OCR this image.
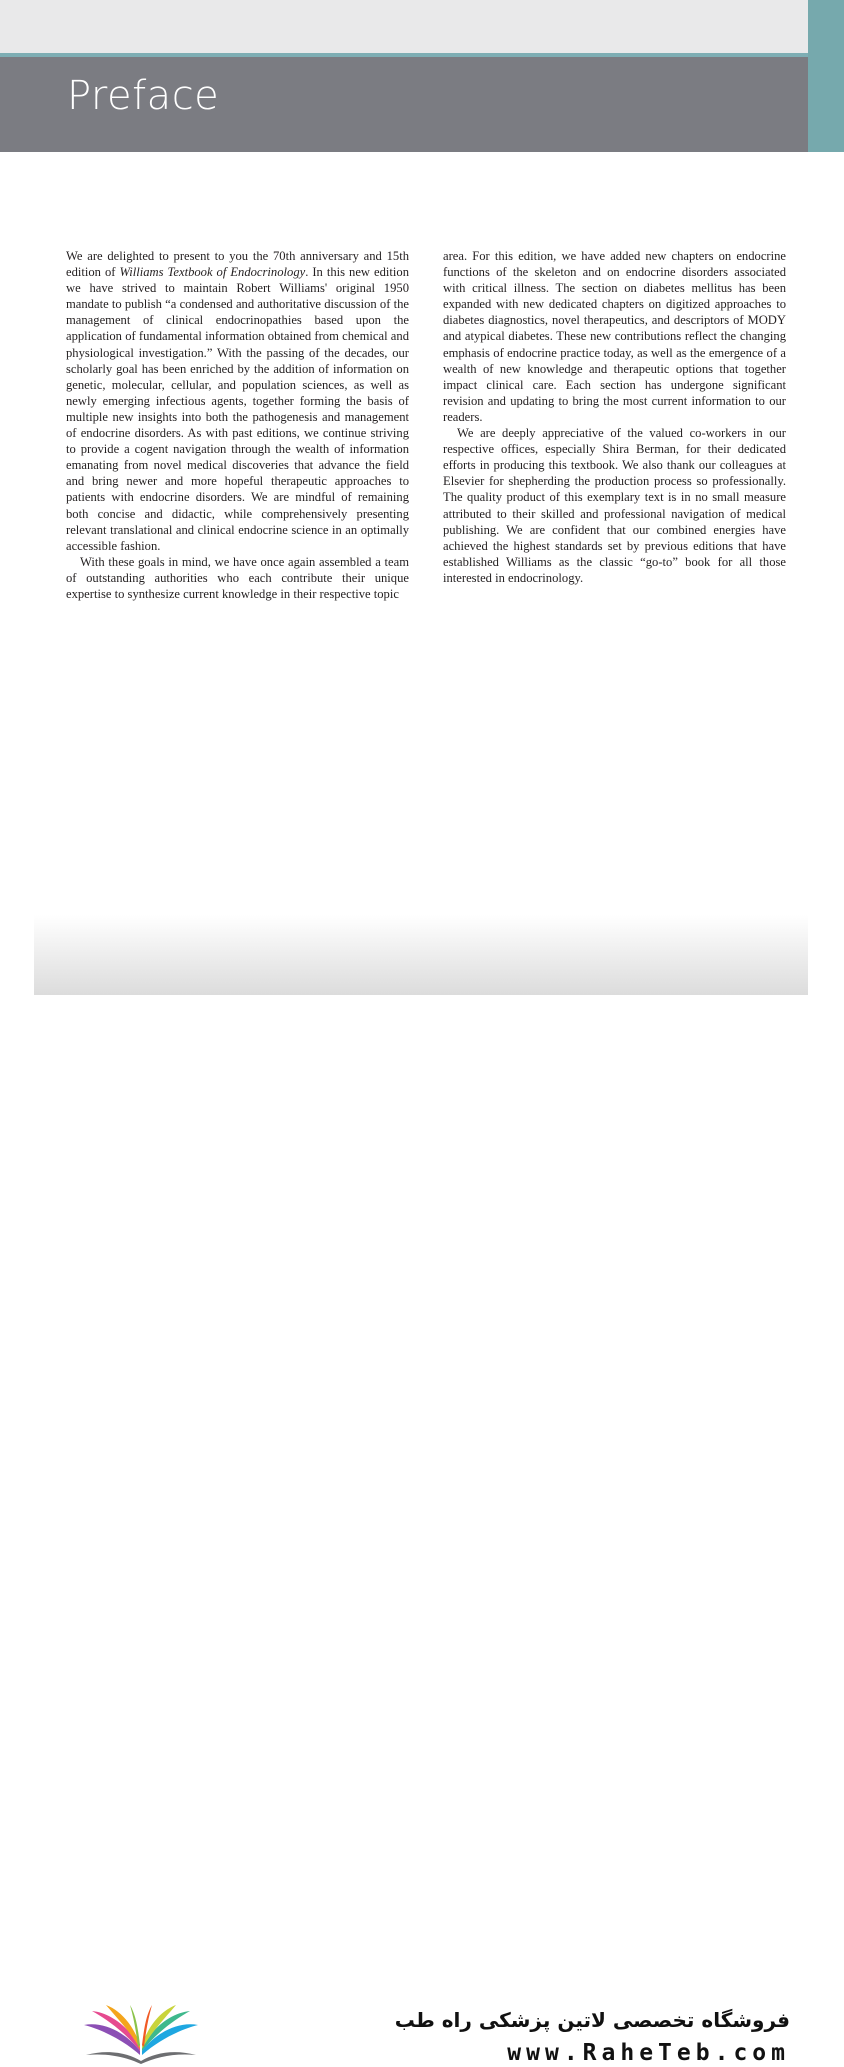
Preface

We are delighted to present to you the 70th anniversary and 15th edition of Williams Textbook of Endocrinology. In this new edition we have strived to maintain Robert Williams' original 1950 mandate to publish “a condensed and authoritative discussion of the management of clinical endocrinopathies based upon the application of fundamental information obtained from chemical and physiological investigation.” With the passing of the decades, our scholarly goal has been enriched by the addition of information on genetic, molecular, cellular, and population sciences, as well as newly emerging infectious agents, together forming the basis of multiple new insights into both the pathogenesis and management of endocrine disorders. As with past editions, we continue striving to provide a cogent navigation through the wealth of information emanating from novel medical discoveries that advance the field and bring newer and more hopeful therapeutic approaches to patients with endocrine disorders. We are mindful of remaining both concise and didactic, while comprehensively presenting relevant translational and clinical endocrine science in an optimally accessible fashion.

With these goals in mind, we have once again assembled a team of outstanding authorities who each contribute their unique expertise to synthesize current knowledge in their respective topic

area. For this edition, we have added new chapters on endocrine functions of the skeleton and on endocrine disorders associated with critical illness. The section on diabetes mellitus has been expanded with new dedicated chapters on digitized approaches to diabetes diagnostics, novel therapeutics, and descriptors of MODY and atypical diabetes. These new contributions reflect the changing emphasis of endocrine practice today, as well as the emergence of a wealth of new knowledge and therapeutic options that together impact clinical care. Each section has undergone significant revision and updating to bring the most current information to our readers.

We are deeply appreciative of the valued co-workers in our respective offices, especially Shira Berman, for their dedicated efforts in producing this textbook. We also thank our colleagues at Elsevier for shepherding the production process so professionally. The quality product of this exemplary text is in no small measure attributed to their skilled and professional navigation of medical publishing. We are confident that our combined energies have achieved the highest standards set by previous editions that have established Williams as the classic “go-to” book for all those interested in endocrinology.

فروشگاه تخصصی لاتین پزشکی راه طب
www.RaheTeb.com
